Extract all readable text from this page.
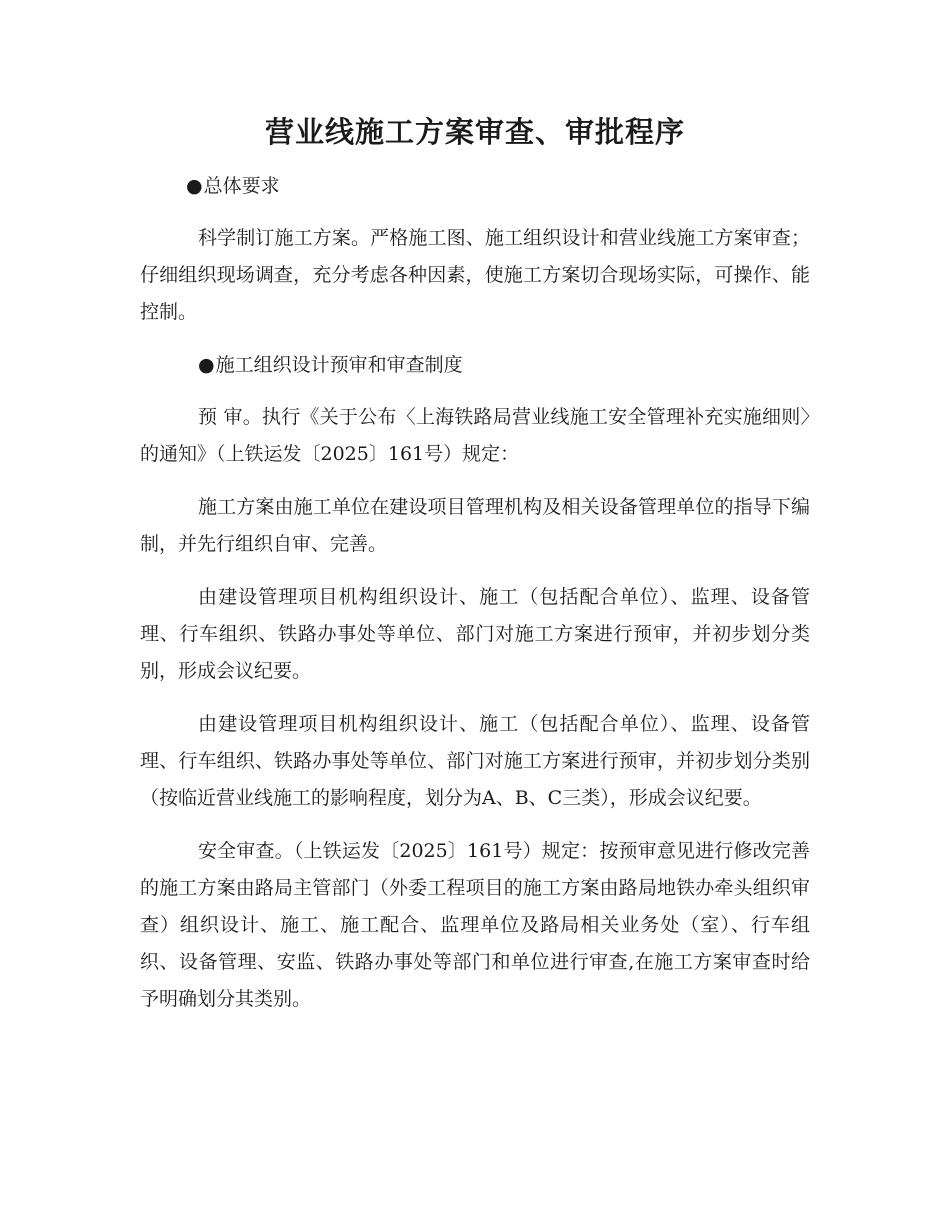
营业线施工方案审查、审批程序
●总体要求

科学制订施工方案。严格施工图、施工组织设计和营业线施工方案审查；仔细组织现场调查，充分考虑各种因素，使施工方案切合现场实际，可操作、能控制。

●施工组织设计预审和审查制度

预 审。执行《关于公布〈上海铁路局营业线施工安全管理补充实施细则〉的通知》（上铁运发〔2025〕161号）规定：

施工方案由施工单位在建设项目管理机构及相关设备管理单位的指导下编制，并先行组织自审、完善。

由建设管理项目机构组织设计、施工（包括配合单位）、监理、设备管理、行车组织、铁路办事处等单位、部门对施工方案进行预审，并初步划分类别，形成会议纪要。

由建设管理项目机构组织设计、施工（包括配合单位）、监理、设备管理、行车组织、铁路办事处等单位、部门对施工方案进行预审，并初步划分类别（按临近营业线施工的影响程度，划分为A、B、C三类），形成会议纪要。

安全审查。（上铁运发〔2025〕161号）规定：按预审意见进行修改完善的施工方案由路局主管部门（外委工程项目的施工方案由路局地铁办牵头组织审查）组织设计、施工、施工配合、监理单位及路局相关业务处（室）、行车组织、设备管理、安监、铁路办事处等部门和单位进行审查,在施工方案审查时给予明确划分其类别。
